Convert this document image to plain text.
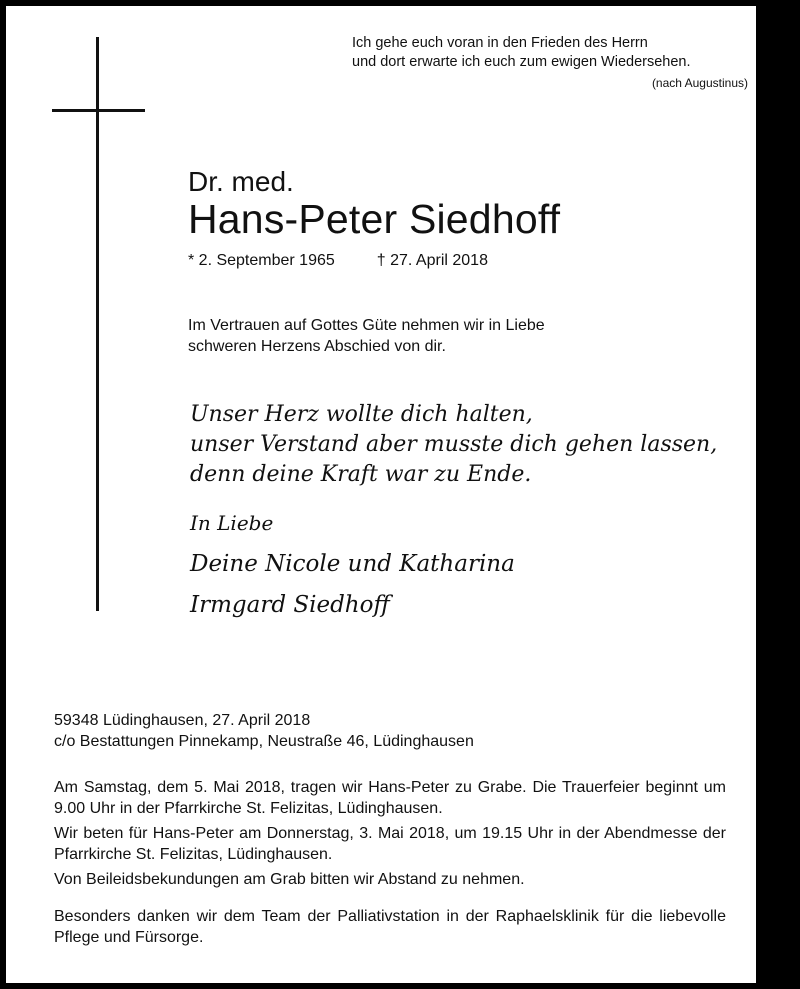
Ich gehe euch voran in den Frieden des Herrn
und dort erwarte ich euch zum ewigen Wiedersehen.
(nach Augustinus)
Dr. med.
Hans-Peter Siedhoff
* 2. September 1965	† 27. April 2018
Im Vertrauen auf Gottes Güte nehmen wir in Liebe
schweren Herzens Abschied von dir.
Unser Herz wollte dich halten,
unser Verstand aber musste dich gehen lassen,
denn deine Kraft war zu Ende.
In Liebe
Deine Nicole und Katharina
Irmgard Siedhoff
59348 Lüdinghausen, 27. April 2018
c/o Bestattungen Pinnekamp, Neustraße 46, Lüdinghausen
Am Samstag, dem 5. Mai 2018, tragen wir Hans-Peter zu Grabe. Die Trauerfeier beginnt um 9.00 Uhr in der Pfarrkirche St. Felizitas, Lüdinghausen.
Wir beten für Hans-Peter am Donnerstag, 3. Mai 2018, um 19.15 Uhr in der Abendmesse der Pfarrkirche St. Felizitas, Lüdinghausen.
Von Beileidsbekundungen am Grab bitten wir Abstand zu nehmen.
Besonders danken wir dem Team der Palliativstation in der Raphaelsklinik für die liebevolle Pflege und Fürsorge.
